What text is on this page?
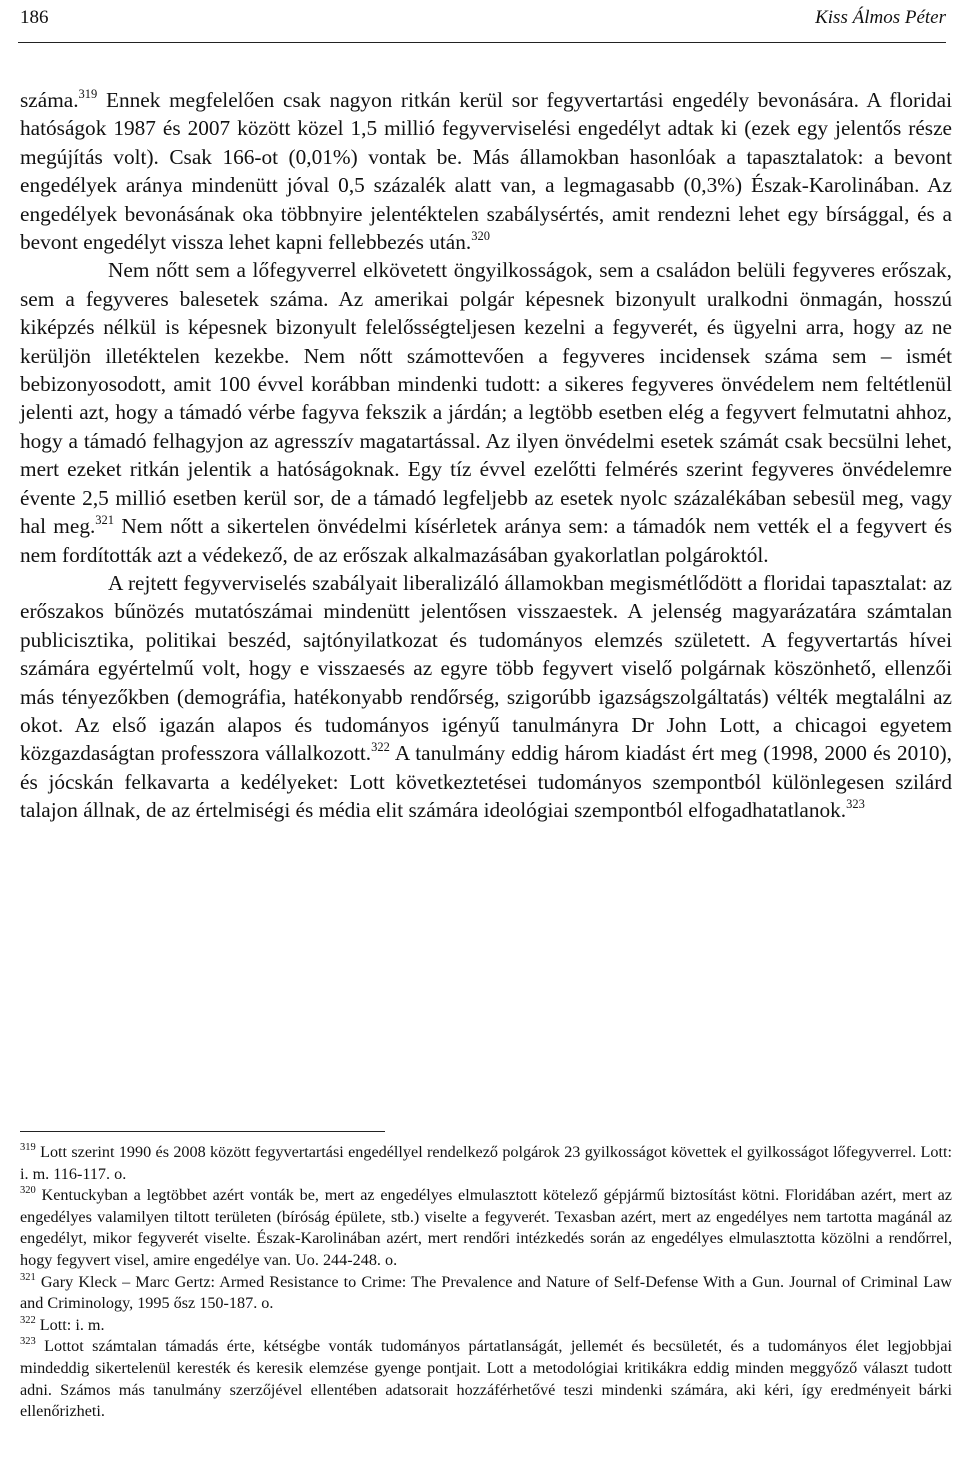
186	Kiss Álmos Péter

száma.$^{319}$ Ennek megfelelően csak nagyon ritkán kerül sor fegyvertartási engedély bevonására. A floridai hatóságok 1987 és 2007 között közel 1,5 millió fegyverviselési engedélyt adtak ki (ezek egy jelentős része megújítás volt). Csak 166-ot (0,01%) vontak be. Más államokban hasonlóak a tapasztalatok: a bevont engedélyek aránya mindenütt jóval 0,5 százalék alatt van, a legmagasabb (0,3%) Észak-Karolinában. Az engedélyek bevonásának oka többnyire jelentéktelen szabálysértés, amit rendezni lehet egy bírsággal, és a bevont engedélyt vissza lehet kapni fellebbezés után.$^{320}$

Nem nőtt sem a lőfegyverrel elkövetett öngyilkosságok, sem a családon belüli fegyveres erőszak, sem a fegyveres balesetek száma. Az amerikai polgár képesnek bizonyult uralkodni önmagán, hosszú kiképzés nélkül is képesnek bizonyult felelősségteljesen kezelni a fegyverét, és ügyelni arra, hogy az ne kerüljön illetéktelen kezekbe. Nem nőtt számottevően a fegyveres incidensek száma sem – ismét bebizonyosodott, amit 100 évvel korábban mindenki tudott: a sikeres fegyveres önvédelem nem feltétlenül jelenti azt, hogy a támadó vérbe fagyva fekszik a járdán; a legtöbb esetben elég a fegyvert felmutatni ahhoz, hogy a támadó felhagyjon az agresszív magatartással. Az ilyen önvédelmi esetek számát csak becsülni lehet, mert ezeket ritkán jelentik a hatóságoknak. Egy tíz évvel ezelőtti felmérés szerint fegyveres önvédelemre évente 2,5 millió esetben kerül sor, de a támadó legfeljebb az esetek nyolc százalékában sebesül meg, vagy hal meg.$^{321}$ Nem nőtt a sikertelen önvédelmi kísérletek aránya sem: a támadók nem vették el a fegyvert és nem fordították azt a védekező, de az erőszak alkalmazásában gyakorlatlan polgároktól.

A rejtett fegyverviselés szabályait liberalizáló államokban megismétlődött a floridai tapasztalat: az erőszakos bűnözés mutatószámai mindenütt jelentősen visszaestek. A jelenség magyarázatára számtalan publicisztika, politikai beszéd, sajtónyilatkozat és tudományos elemzés született. A fegyvertartás hívei számára egyértelmű volt, hogy e visszaesés az egyre több fegyvert viselő polgárnak köszönhető, ellenzői más tényezőkben (demográfia, hatékonyabb rendőrség, szigorúbb igazságszolgáltatás) vélték megtalálni az okot. Az első igazán alapos és tudományos igényű tanulmányra Dr John Lott, a chicagoi egyetem közgazdaságtan professzora vállalkozott.$^{322}$ A tanulmány eddig három kiadást ért meg (1998, 2000 és 2010), és jócskán felkavarta a kedélyeket: Lott következtetései tudományos szempontból különlegesen szilárd talajon állnak, de az értelmiségi és média elit számára ideológiai szempontból elfogadhatatlanok.$^{323}$

$^{319}$ Lott szerint 1990 és 2008 között fegyvertartási engedéllyel rendelkező polgárok 23 gyilkosságot követtek el gyilkosságot lőfegyverrel. Lott: i. m. 116-117. o.

$^{320}$ Kentuckyban a legtöbbet azért vonták be, mert az engedélyes elmulasztott kötelező gépjármű biztosítást kötni. Floridában azért, mert az engedélyes valamilyen tiltott területen (bíróság épülete, stb.) viselte a fegyverét. Texasban azért, mert az engedélyes nem tartotta magánál az engedélyt, mikor fegyverét viselte. Észak-Karolinában azért, mert rendőri intézkedés során az engedélyes elmulasztotta közölni a rendőrrel, hogy fegyvert visel, amire engedélye van. Uo. 244-248. o.

$^{321}$ Gary Kleck – Marc Gertz: Armed Resistance to Crime: The Prevalence and Nature of Self-Defense With a Gun. Journal of Criminal Law and Criminology, 1995 ősz 150-187. o.

$^{322}$ Lott: i. m.

$^{323}$ Lottot számtalan támadás érte, kétségbe vonták tudományos pártatlanságát, jellemét és becsületét, és a tudományos élet legjobbjai mindeddig sikertelenül keresték és keresik elemzése gyenge pontjait. Lott a metodológiai kritikákra eddig minden meggyőző választ tudott adni. Számos más tanulmány szerzőjével ellentében adatsorait hozzáférhetővé teszi mindenki számára, aki kéri, így eredményeit bárki ellenőrizheti.
